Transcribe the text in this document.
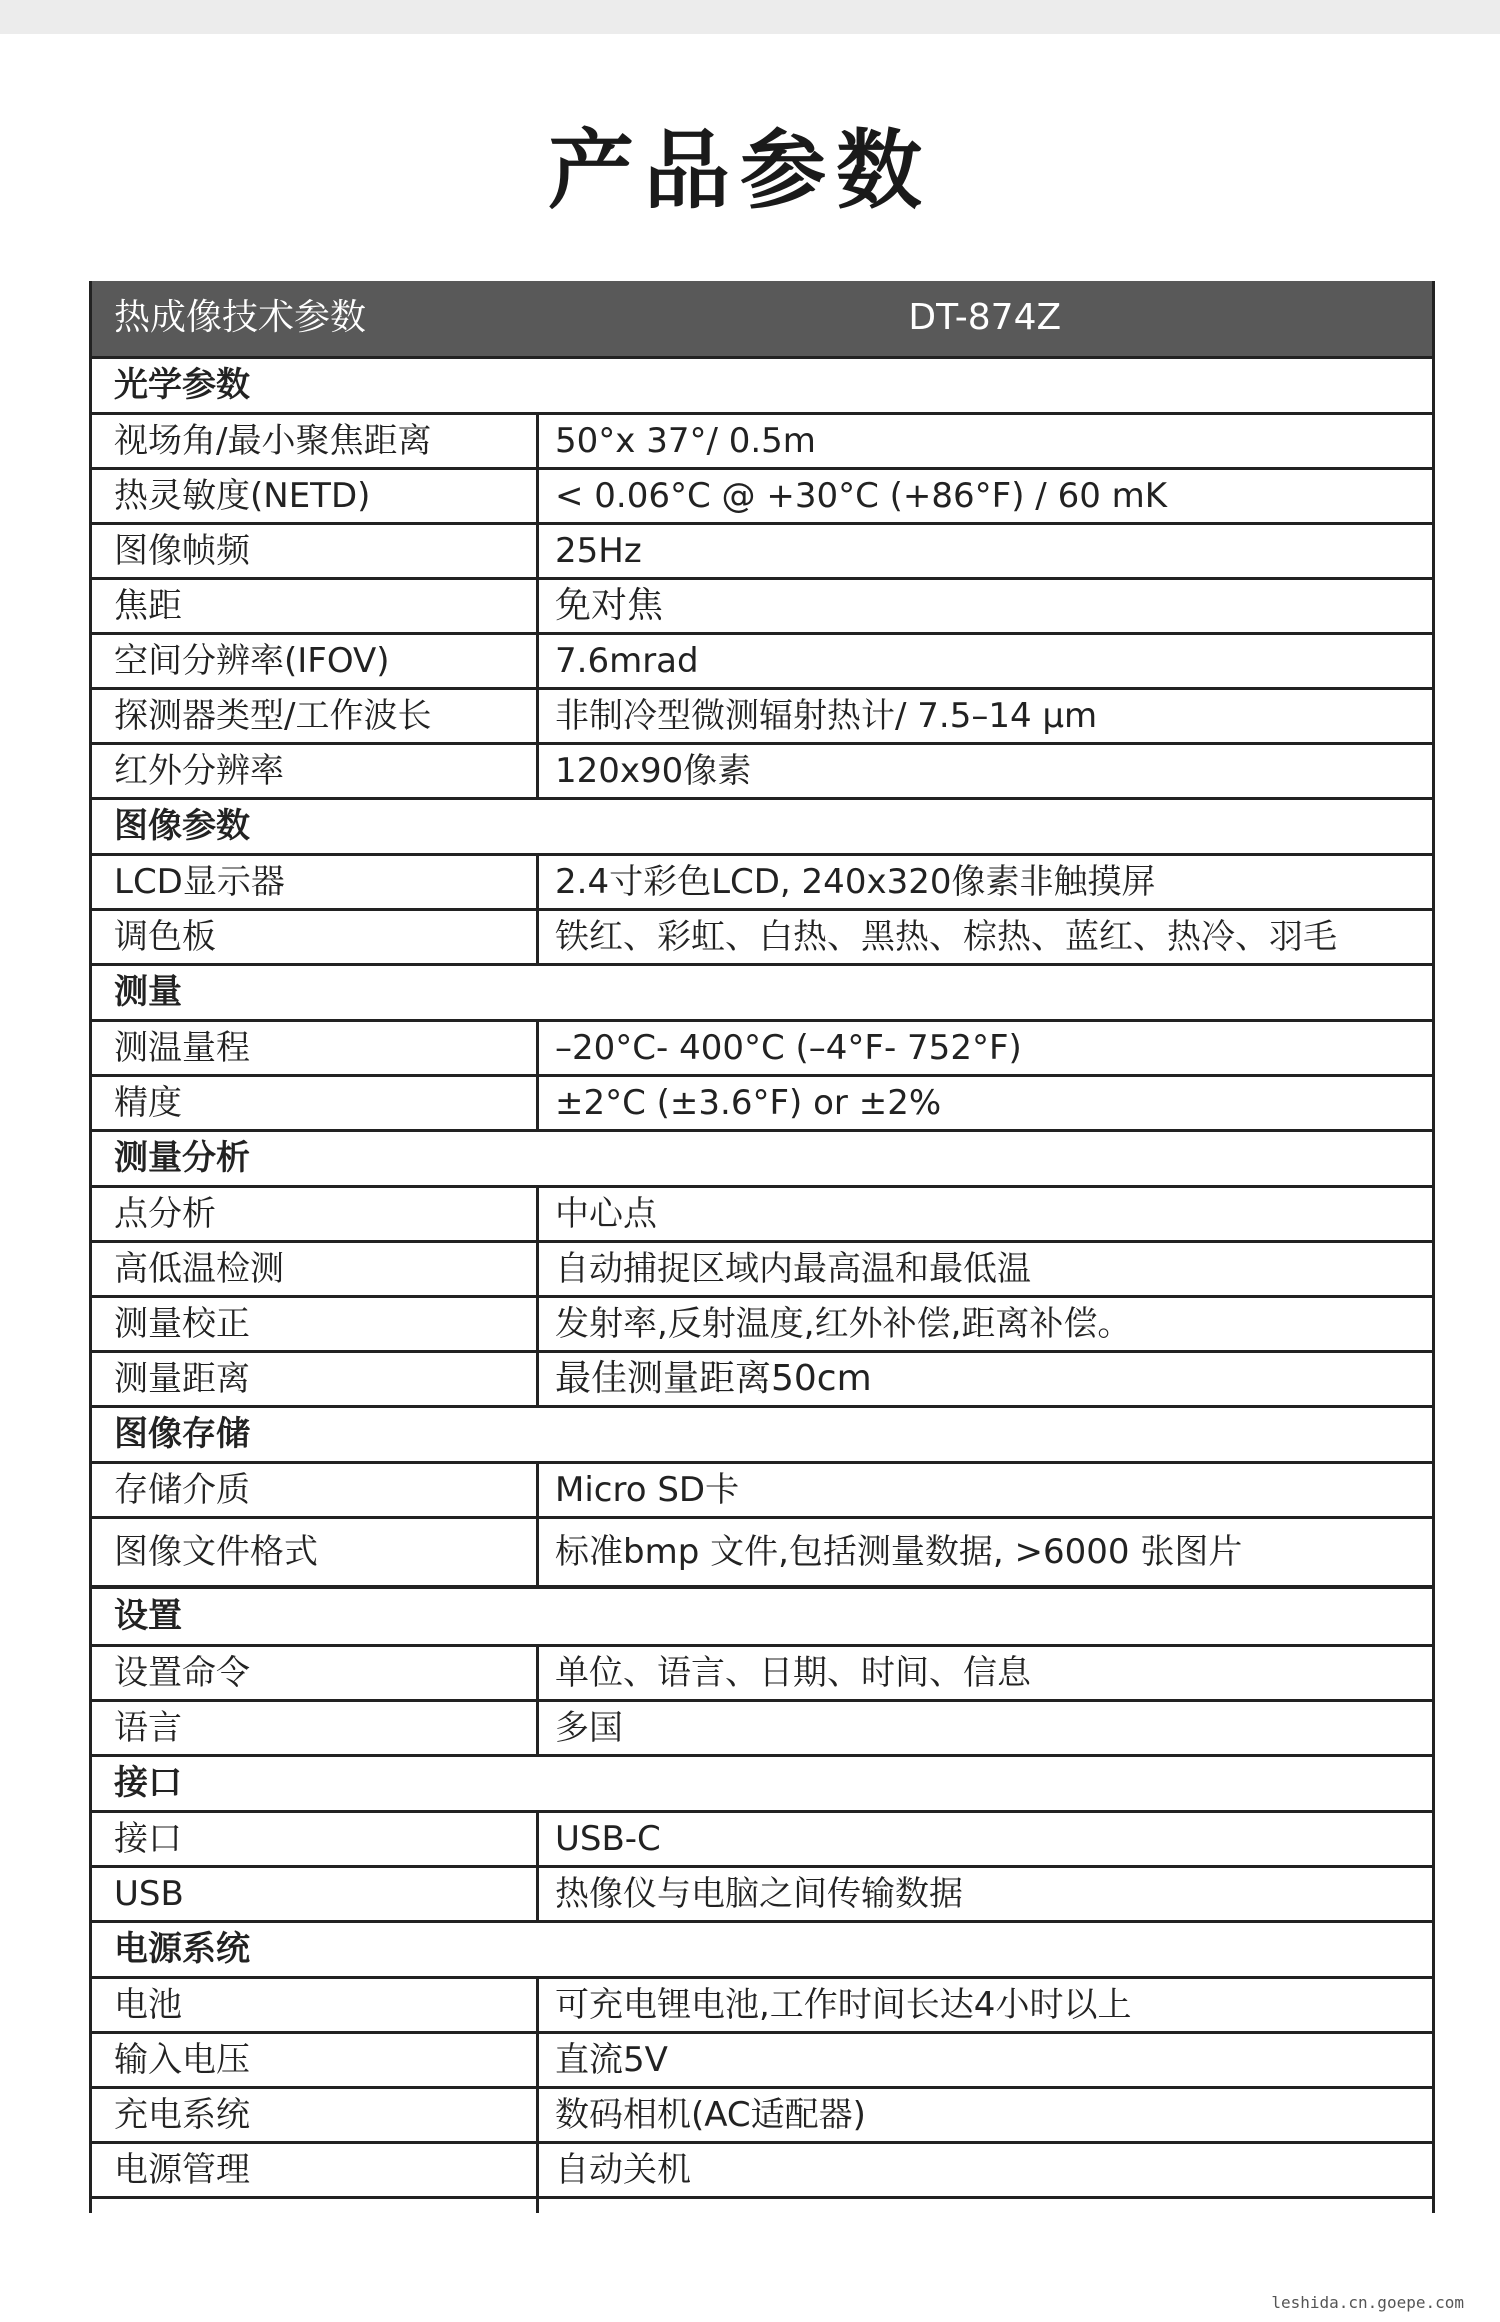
产品参数
热成像技术参数	DT-874Z
光学参数	
视场角/最小聚焦距离	50°x 37°/ 0.5m
热灵敏度(NETD)	< 0.06°C @ +30°C (+86°F) / 60 mK
图像帧频	25Hz
焦距	免对焦
空间分辨率(IFOV)	7.6mrad
探测器类型/工作波长	非制冷型微测辐射热计/ 7.5–14 µm
红外分辨率	120x90像素
图像参数	
LCD显示器	2.4寸彩色LCD, 240x320像素非触摸屏
调色板	铁红、彩虹、白热、黑热、棕热、蓝红、热冷、羽毛
测量	
测温量程	–20°C- 400°C (–4°F- 752°F)
精度	±2°C (±3.6°F) or ±2%
测量分析	
点分析	中心点
高低温检测	自动捕捉区域内最高温和最低温
测量校正	发射率,反射温度,红外补偿,距离补偿。
测量距离	最佳测量距离50cm
图像存储	
存储介质	Micro SD卡
图像文件格式	标准bmp 文件,包括测量数据, >6000 张图片
设置	
设置命令	单位、语言、日期、时间、信息
语言	多国
接口	
接口	USB-C
USB	热像仪与电脑之间传输数据
电源系统	
电池	可充电锂电池,工作时间长达4小时以上
输入电压	直流5V
充电系统	数码相机(AC适配器)
电源管理	自动关机

leshida.cn.goepe.com
